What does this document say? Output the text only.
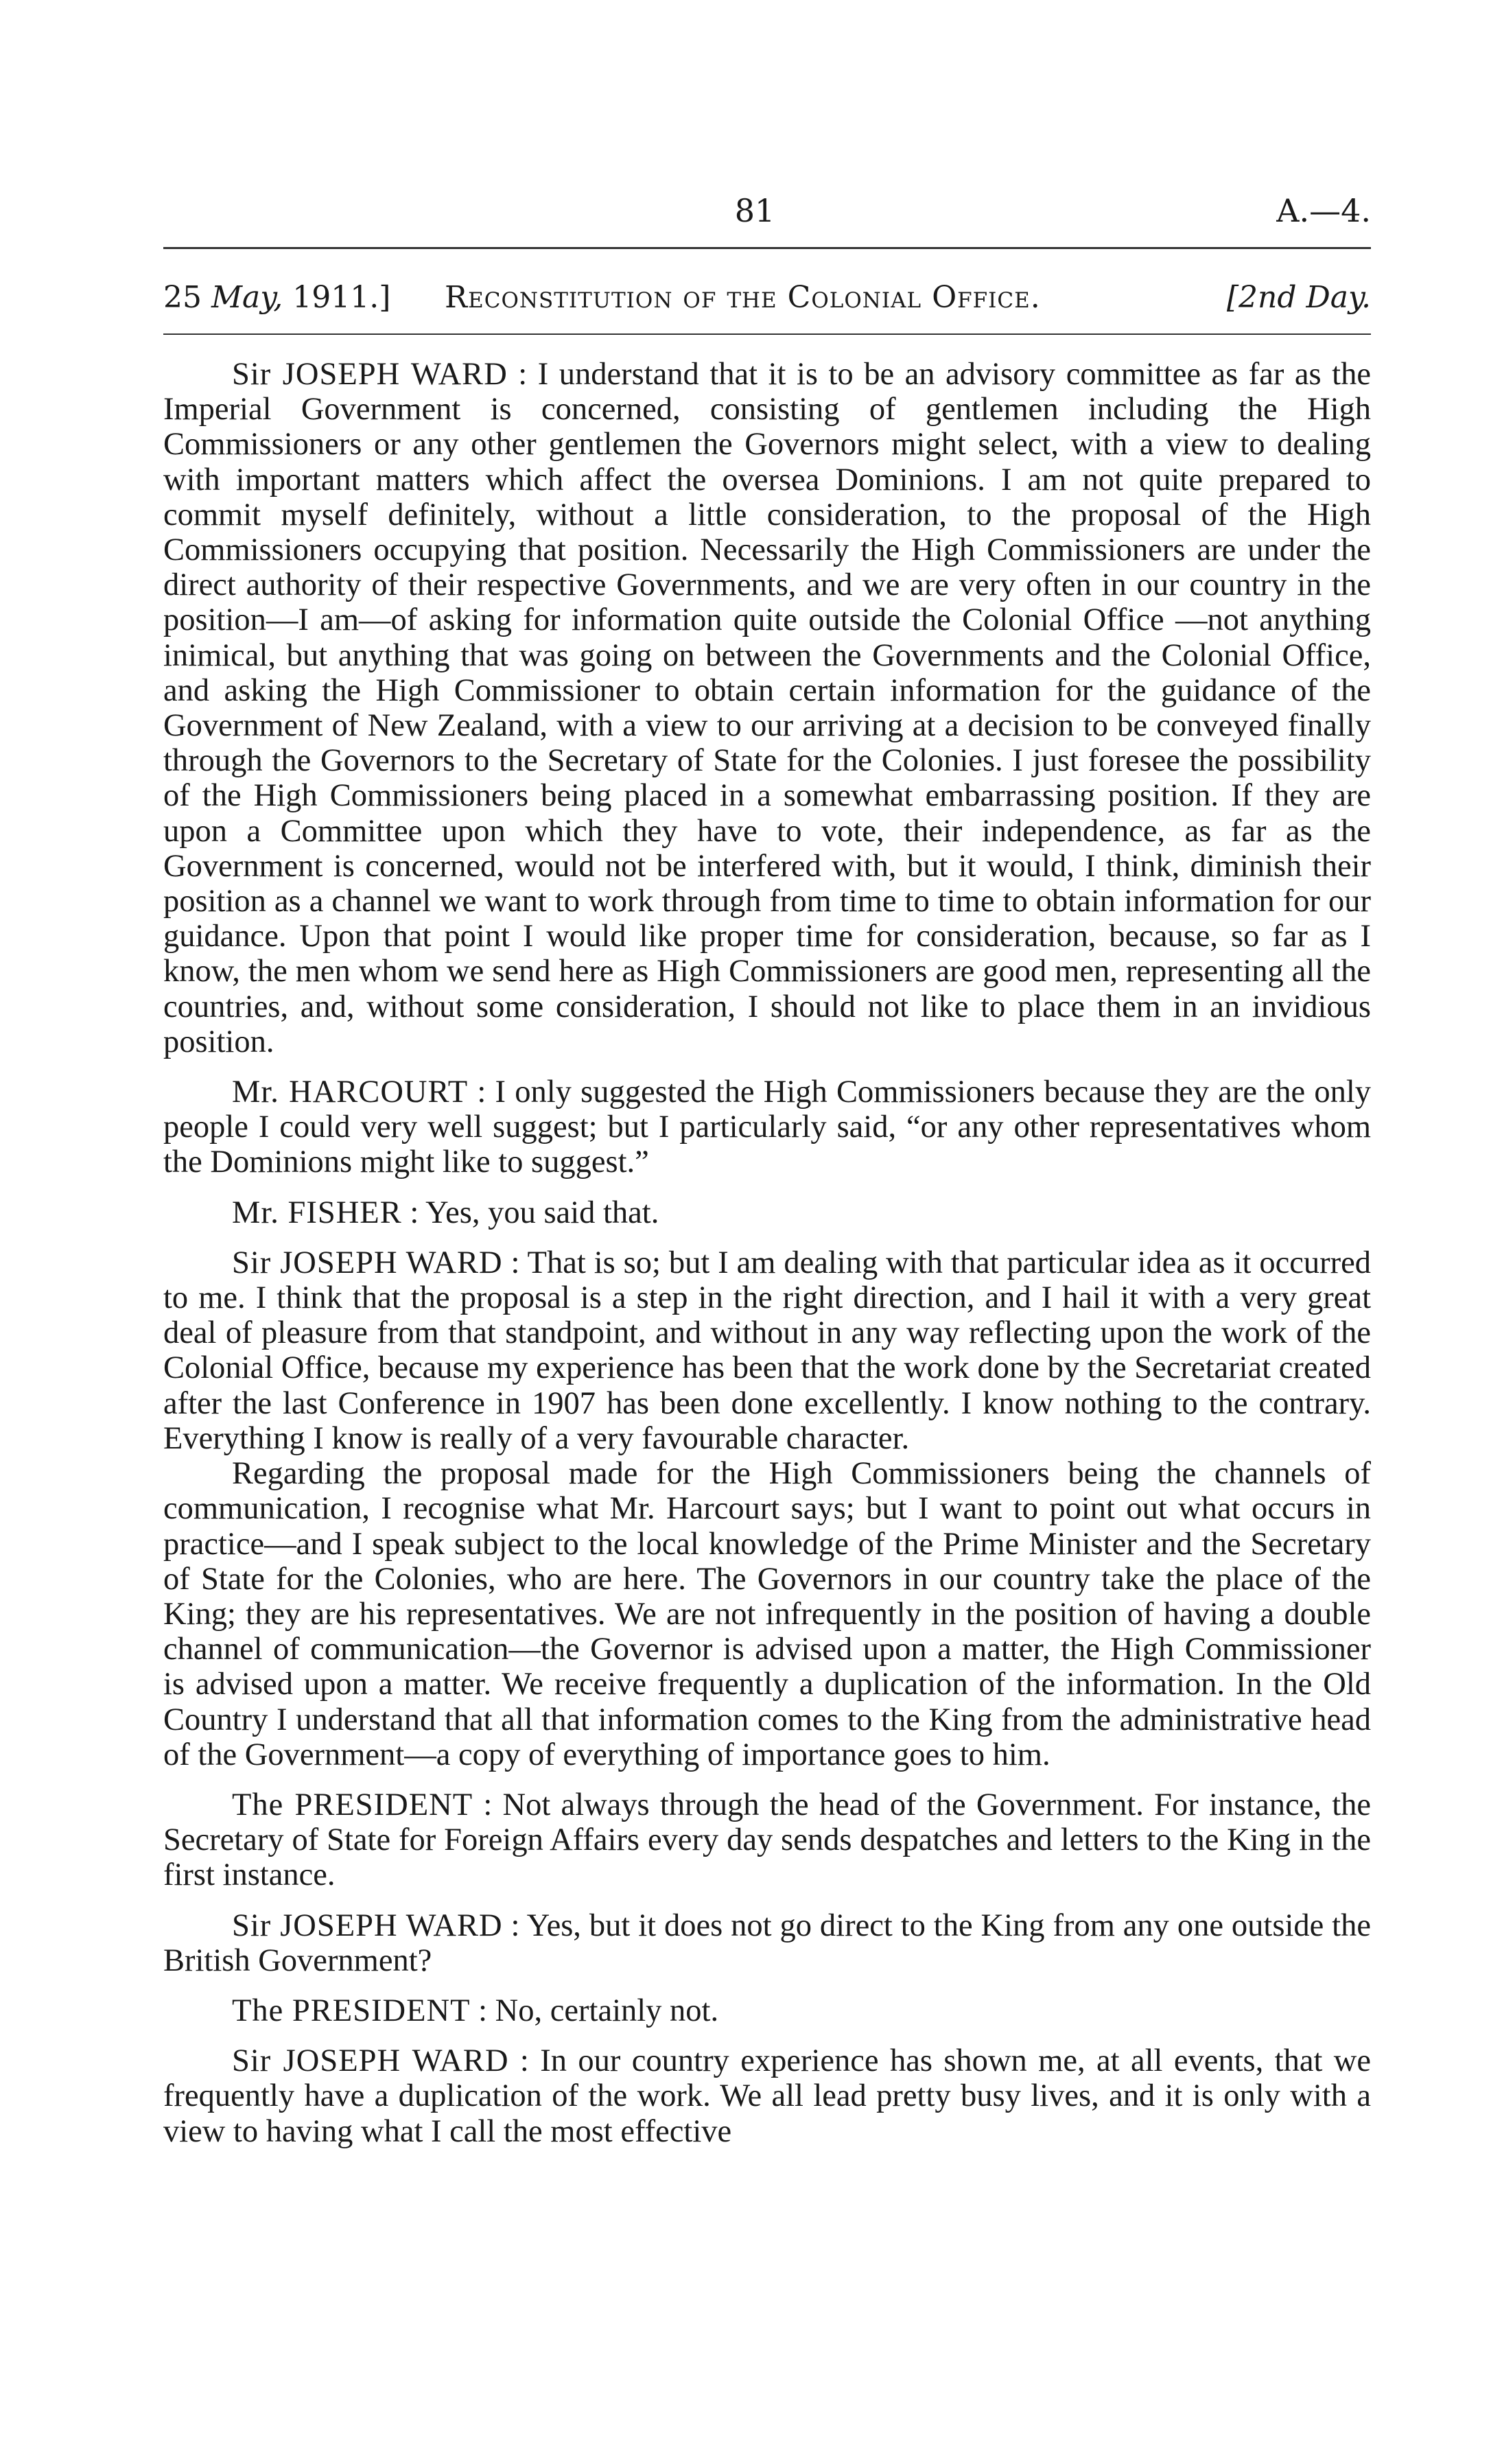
81	A.—4.
25 May, 1911.] Reconstitution of the Colonial Office.	[2nd Day.

Sir JOSEPH WARD : I understand that it is to be an advisory committee as far as the Imperial Government is concerned, consisting of gentlemen including the High Commissioners or any other gentlemen the Governors might select, with a view to dealing with important matters which affect the oversea Dominions. I am not quite prepared to commit myself definitely, without a little consideration, to the proposal of the High Commissioners occupying that position. Necessarily the High Commissioners are under the direct authority of their respective Governments, and we are very often in our country in the position—I am—of asking for information quite outside the Colonial Office —not anything inimical, but anything that was going on between the Governments and the Colonial Office, and asking the High Commissioner to obtain certain information for the guidance of the Government of New Zealand, with a view to our arriving at a decision to be conveyed finally through the Governors to the Secretary of State for the Colonies. I just foresee the possibility of the High Commissioners being placed in a somewhat embarrassing position. If they are upon a Committee upon which they have to vote, their independence, as far as the Government is concerned, would not be interfered with, but it would, I think, diminish their position as a channel we want to work through from time to time to obtain information for our guidance. Upon that point I would like proper time for consideration, because, so far as I know, the men whom we send here as High Commissioners are good men, representing all the countries, and, without some consideration, I should not like to place them in an invidious position.

Mr. HARCOURT : I only suggested the High Commissioners because they are the only people I could very well suggest; but I particularly said, “or any other representatives whom the Dominions might like to suggest.”

Mr. FISHER : Yes, you said that.

Sir JOSEPH WARD : That is so; but I am dealing with that particular idea as it occurred to me. I think that the proposal is a step in the right direction, and I hail it with a very great deal of pleasure from that standpoint, and without in any way reflecting upon the work of the Colonial Office, because my experience has been that the work done by the Secretariat created after the last Conference in 1907 has been done excellently. I know nothing to the contrary. Everything I know is really of a very favourable character.

Regarding the proposal made for the High Commissioners being the channels of communication, I recognise what Mr. Harcourt says; but I want to point out what occurs in practice—and I speak subject to the local knowledge of the Prime Minister and the Secretary of State for the Colonies, who are here. The Governors in our country take the place of the King; they are his representatives. We are not infrequently in the position of having a double channel of communication—the Governor is advised upon a matter, the High Commissioner is advised upon a matter. We receive frequently a duplication of the information. In the Old Country I understand that all that information comes to the King from the administrative head of the Government—a copy of everything of importance goes to him.

The PRESIDENT : Not always through the head of the Government. For instance, the Secretary of State for Foreign Affairs every day sends despatches and letters to the King in the first instance.

Sir JOSEPH WARD : Yes, but it does not go direct to the King from any one outside the British Government?

The PRESIDENT : No, certainly not.

Sir JOSEPH WARD : In our country experience has shown me, at all events, that we frequently have a duplication of the work. We all lead pretty busy lives, and it is only with a view to having what I call the most effective
